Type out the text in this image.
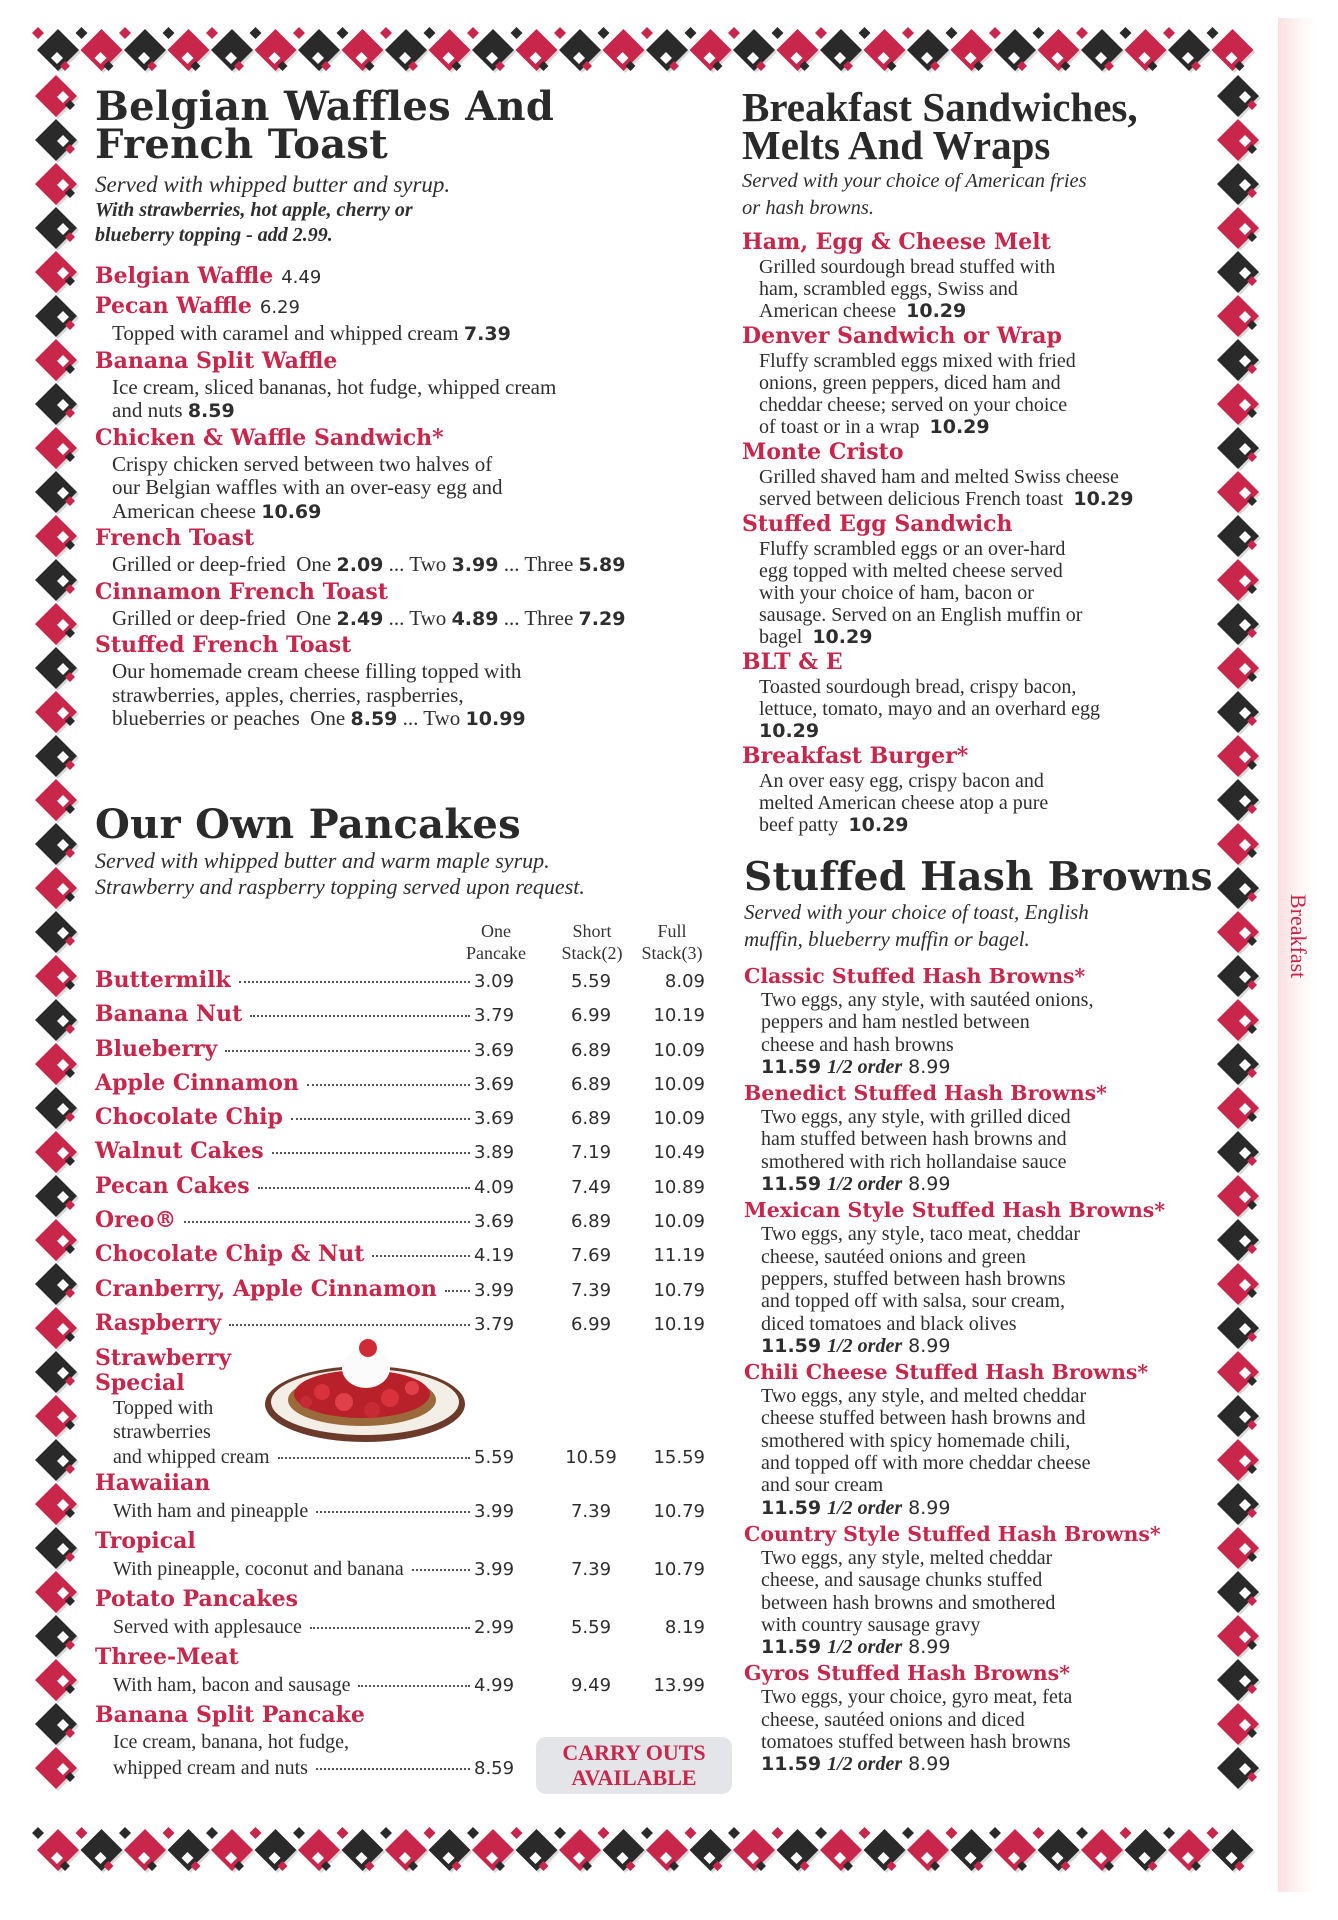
Breakfast
Belgian Waffles And
French Toast
Served with whipped butter and syrup.
With strawberries, hot apple, cherry or
blueberry topping - add 2.99.
Belgian Waffle 4.49
Pecan Waffle 6.29
Topped with caramel and whipped cream 7.39
Banana Split Waffle
Ice cream, sliced bananas, hot fudge, whipped cream
and nuts 8.59
Chicken & Waffle Sandwich*
Crispy chicken served between two halves of
our Belgian waffles with an over-easy egg and
American cheese 10.69
French Toast
Grilled or deep-fried  One 2.09 ... Two 3.99 ... Three 5.89
Cinnamon French Toast
Grilled or deep-fried  One 2.49 ... Two 4.89 ... Three 7.29
Stuffed French Toast
Our homemade cream cheese filling topped with
strawberries, apples, cherries, raspberries,
blueberries or peaches  One 8.59 ... Two 10.99
Our Own Pancakes
Served with whipped butter and warm maple syrup.
Strawberry and raspberry topping served upon request.
One
Pancake
Short
Stack(2)
Full
Stack(3)
Buttermilk	3.09	5.59	8.09
Banana Nut	3.79	6.99	10.19
Blueberry	3.69	6.89	10.09
Apple Cinnamon	3.69	6.89	10.09
Chocolate Chip	3.69	6.89	10.09
Walnut Cakes	3.89	7.19	10.49
Pecan Cakes	4.09	7.49	10.89
Oreo®	3.69	6.89	10.09
Chocolate Chip & Nut	4.19	7.69	11.19
Cranberry, Apple Cinnamon 3.99	7.39	10.79
Raspberry	3.79	6.99	10.19
Strawberry
Special
Topped with
strawberries
and whipped cream	5.59	10.59	15.59
Hawaiian
With ham and pineapple	3.99	7.39	10.79
Tropical
With pineapple, coconut and banana	3.99	7.39	10.79
Potato Pancakes
Served with applesauce	2.99	5.59	8.19
Three-Meat
With ham, bacon and sausage	4.99	9.49	13.99
Banana Split Pancake
Ice cream, banana, hot fudge,
whipped cream and nuts	8.59
CARRY OUTS
AVAILABLE
Breakfast Sandwiches,
Melts And Wraps
Served with your choice of American fries
or hash browns.
Ham, Egg & Cheese Melt
Grilled sourdough bread stuffed with
ham, scrambled eggs, Swiss and
American cheese  10.29
Denver Sandwich or Wrap
Fluffy scrambled eggs mixed with fried
onions, green peppers, diced ham and
cheddar cheese; served on your choice
of toast or in a wrap  10.29
Monte Cristo
Grilled shaved ham and melted Swiss cheese
served between delicious French toast  10.29
Stuffed Egg Sandwich
Fluffy scrambled eggs or an over-hard
egg topped with melted cheese served
with your choice of ham, bacon or
sausage. Served on an English muffin or
bagel  10.29
BLT & E
Toasted sourdough bread, crispy bacon,
lettuce, tomato, mayo and an overhard egg
10.29
Breakfast Burger*
An over easy egg, crispy bacon and
melted American cheese atop a pure
beef patty  10.29
Stuffed Hash Browns
Served with your choice of toast, English
muffin, blueberry muffin or bagel.
Classic Stuffed Hash Browns*
Two eggs, any style, with sautéed onions,
peppers and ham nestled between
cheese and hash browns
11.59 1/2 order 8.99
Benedict Stuffed Hash Browns*
Two eggs, any style, with grilled diced
ham stuffed between hash browns and
smothered with rich hollandaise sauce
11.59 1/2 order 8.99
Mexican Style Stuffed Hash Browns*
Two eggs, any style, taco meat, cheddar
cheese, sautéed onions and green
peppers, stuffed between hash browns
and topped off with salsa, sour cream,
diced tomatoes and black olives
11.59 1/2 order 8.99
Chili Cheese Stuffed Hash Browns*
Two eggs, any style, and melted cheddar
cheese stuffed between hash browns and
smothered with spicy homemade chili,
and topped off with more cheddar cheese
and sour cream
11.59 1/2 order 8.99
Country Style Stuffed Hash Browns*
Two eggs, any style, melted cheddar
cheese, and sausage chunks stuffed
between hash browns and smothered
with country sausage gravy
11.59 1/2 order 8.99
Gyros Stuffed Hash Browns*
Two eggs, your choice, gyro meat, feta
cheese, sautéed onions and diced
tomatoes stuffed between hash browns
11.59 1/2 order 8.99
